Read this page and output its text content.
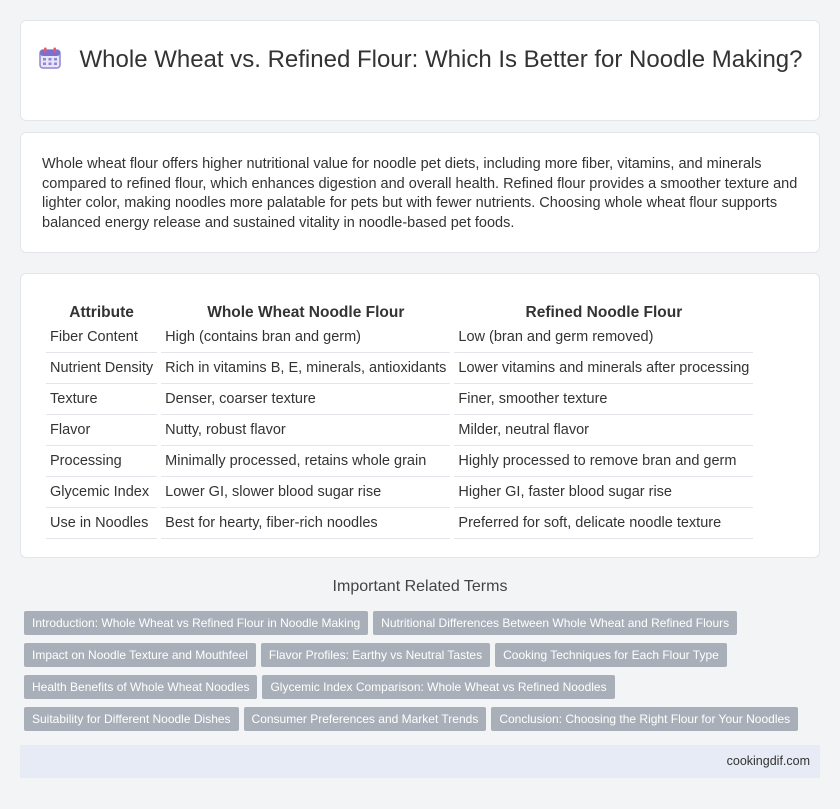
Whole Wheat vs. Refined Flour: Which Is Better for Noodle Making?

Whole wheat flour offers higher nutritional value for noodle pet diets, including more fiber, vitamins, and minerals compared to refined flour, which enhances digestion and overall health. Refined flour provides a smoother texture and lighter color, making noodles more palatable for pets but with fewer nutrients. Choosing whole wheat flour supports balanced energy release and sustained vitality in noodle-based pet foods.

Attribute	Whole Wheat Noodle Flour	Refined Noodle Flour
Fiber Content	High (contains bran and germ)	Low (bran and germ removed)
Nutrient Density	Rich in vitamins B, E, minerals, antioxidants	Lower vitamins and minerals after processing
Texture	Denser, coarser texture	Finer, smoother texture
Flavor	Nutty, robust flavor	Milder, neutral flavor
Processing	Minimally processed, retains whole grain	Highly processed to remove bran and germ
Glycemic Index	Lower GI, slower blood sugar rise	Higher GI, faster blood sugar rise
Use in Noodles	Best for hearty, fiber-rich noodles	Preferred for soft, delicate noodle texture
Important Related Terms
Introduction: Whole Wheat vs Refined Flour in Noodle Making Nutritional Differences Between Whole Wheat and Refined Flours
Impact on Noodle Texture and Mouthfeel Flavor Profiles: Earthy vs Neutral Tastes Cooking Techniques for Each Flour Type
Health Benefits of Whole Wheat Noodles Glycemic Index Comparison: Whole Wheat vs Refined Noodles
Suitability for Different Noodle Dishes Consumer Preferences and Market Trends Conclusion: Choosing the Right Flour for Your Noodles
cookingdif.com
